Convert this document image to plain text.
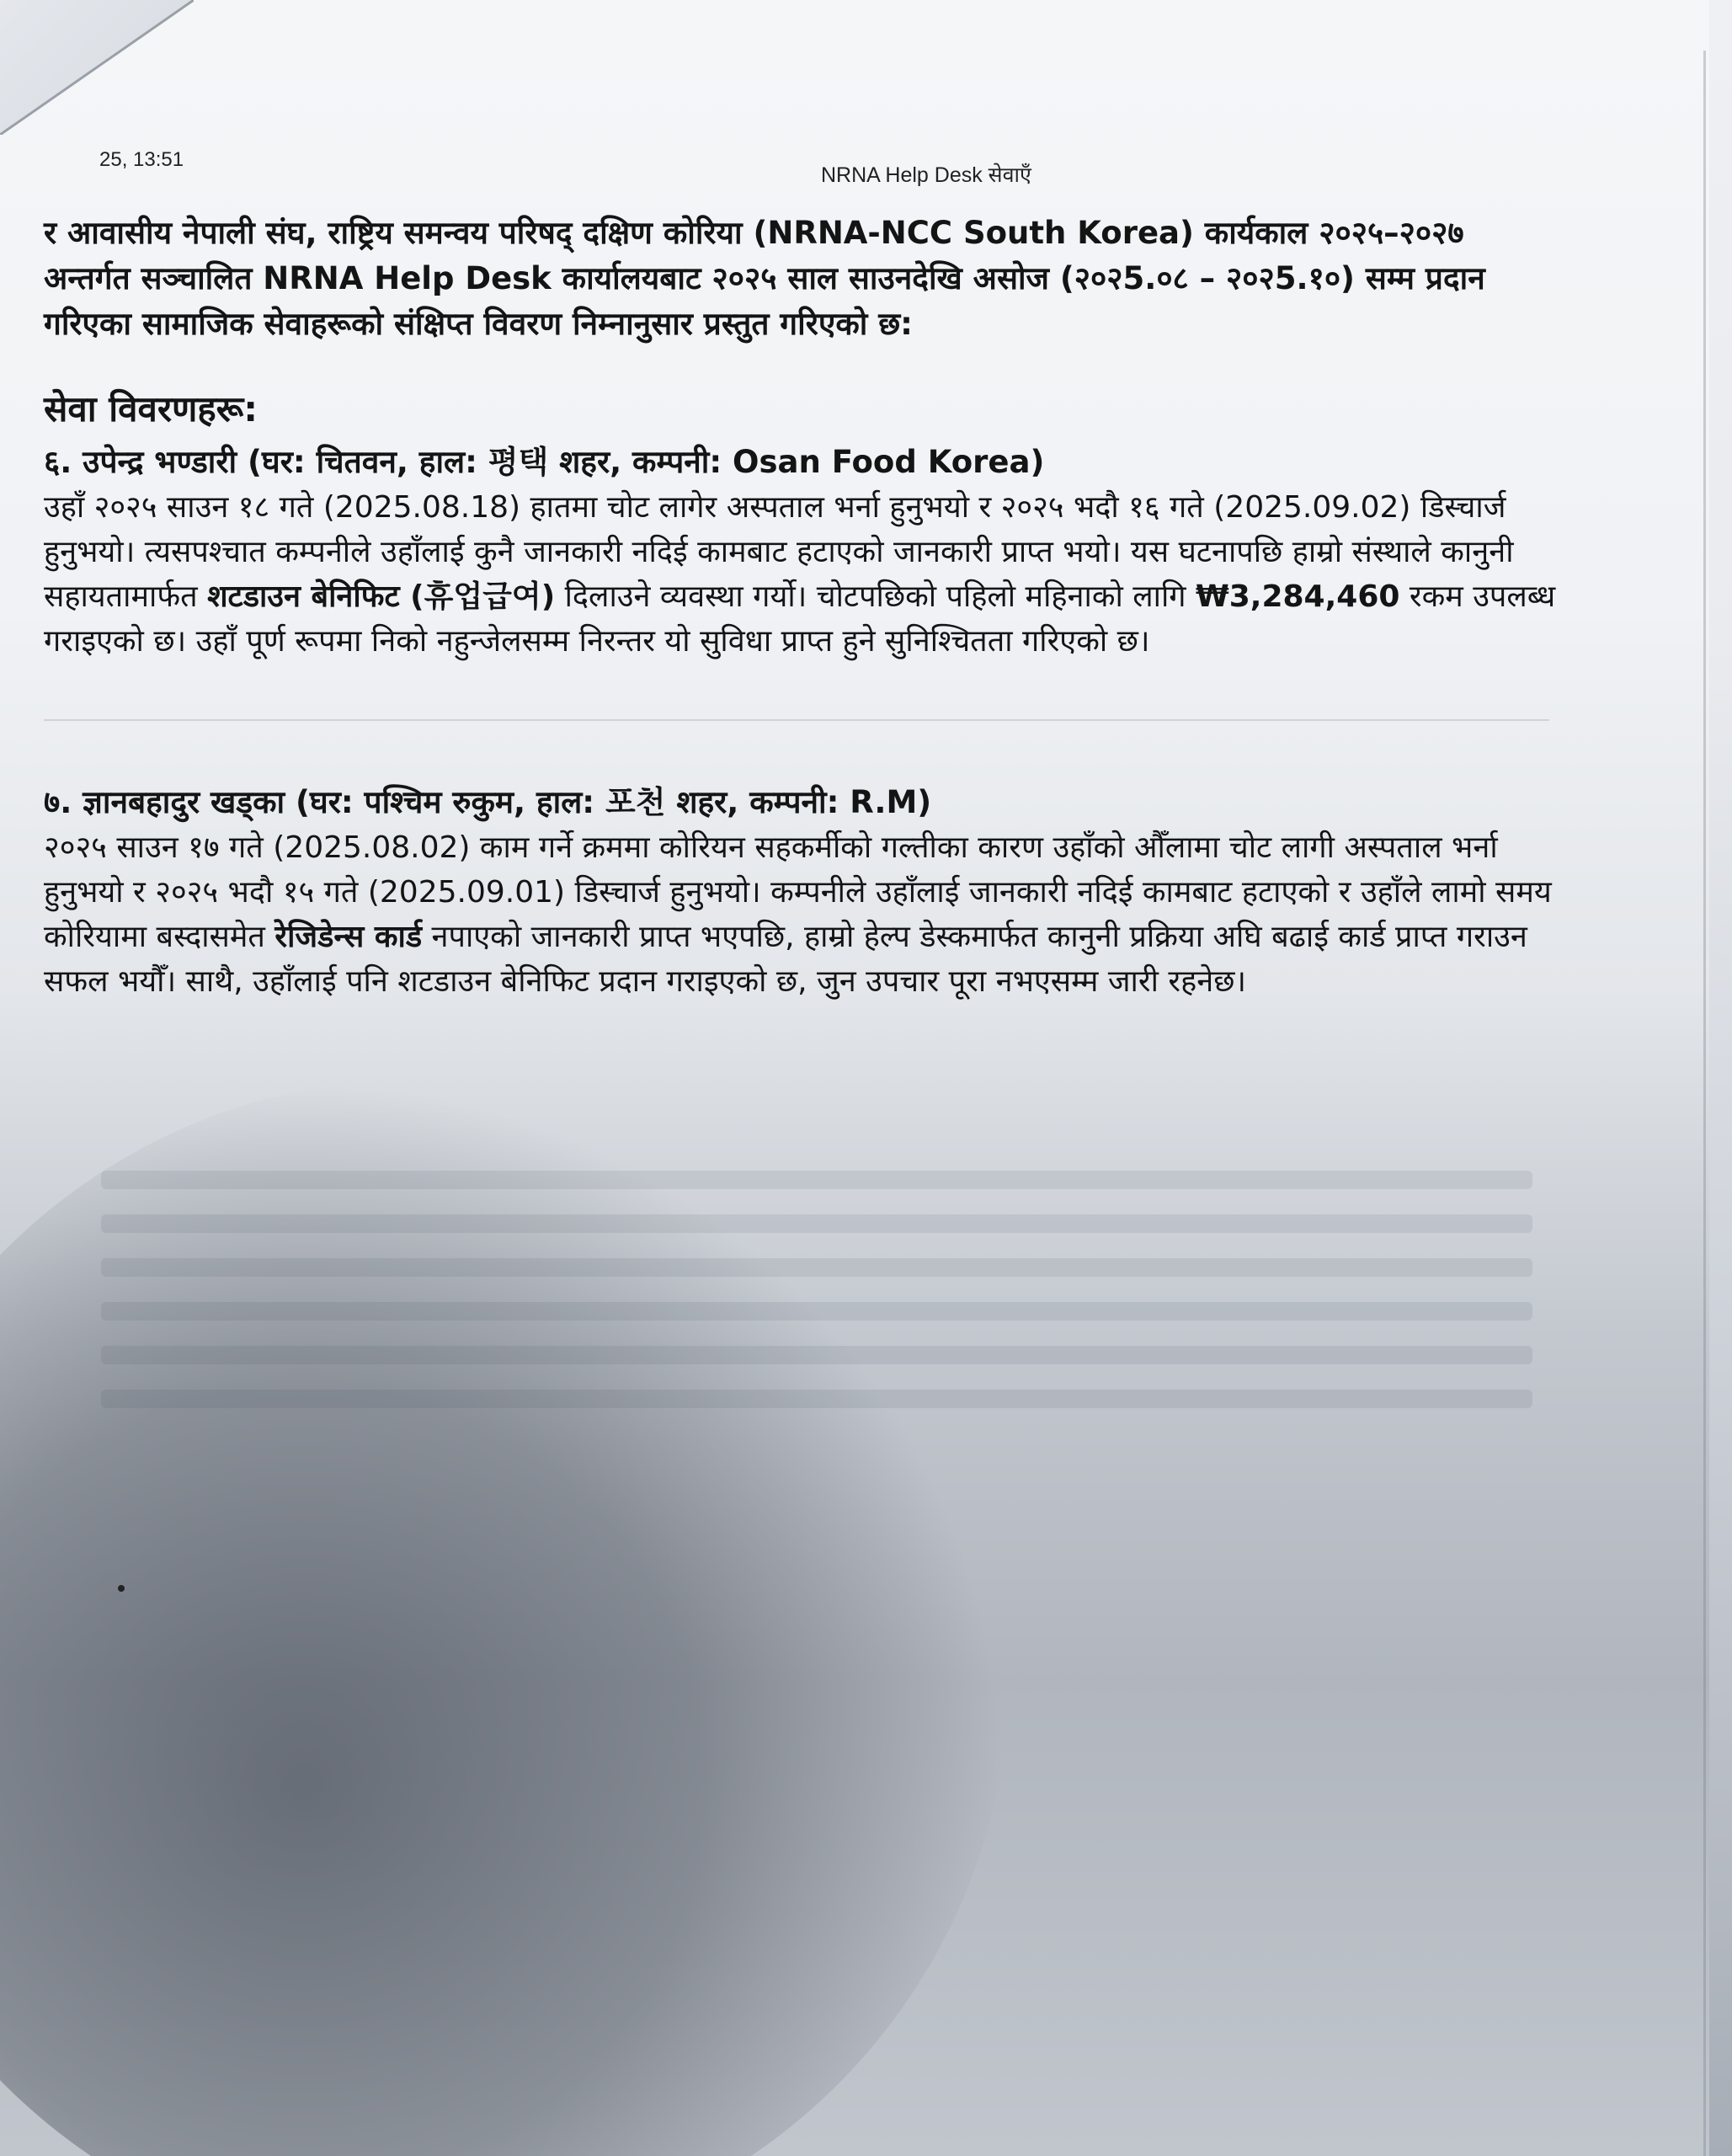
25, 13:51
NRNA Help Desk सेवाएँ

र आवासीय नेपाली संघ, राष्ट्रिय समन्वय परिषद् दक्षिण कोरिया (NRNA-NCC South Korea) कार्यकाल २०२५–२०२७ अन्तर्गत सञ्चालित NRNA Help Desk कार्यालयबाट २०२५ साल साउनदेखि असोज (२०२5.०८ – २०२5.१०) सम्म प्रदान गरिएका सामाजिक सेवाहरूको संक्षिप्त विवरण निम्नानुसार प्रस्तुत गरिएको छ:

सेवा विवरणहरू:

६. उपेन्द्र भण्डारी (घर: चितवन, हाल: 평택 शहर, कम्पनी: Osan Food Korea)

उहाँ २०२५ साउन १८ गते (2025.08.18) हातमा चोट लागेर अस्पताल भर्ना हुनुभयो र २०२५ भदौ १६ गते (2025.09.02) डिस्चार्ज हुनुभयो। त्यसपश्चात कम्पनीले उहाँलाई कुनै जानकारी नदिई कामबाट हटाएको जानकारी प्राप्त भयो। यस घटनापछि हाम्रो संस्थाले कानुनी सहायतामार्फत शटडाउन बेनिफिट (휴업급여) दिलाउने व्यवस्था गर्यो। चोटपछिको पहिलो महिनाको लागि ₩3,284,460 रकम उपलब्ध गराइएको छ। उहाँ पूर्ण रूपमा निको नहुन्जेलसम्म निरन्तर यो सुविधा प्राप्त हुने सुनिश्चितता गरिएको छ।

७. ज्ञानबहादुर खड्का (घर: पश्चिम रुकुम, हाल: 포천 शहर, कम्पनी: R.M)

२०२५ साउन १७ गते (2025.08.02) काम गर्ने क्रममा कोरियन सहकर्मीको गल्तीका कारण उहाँको औँलामा चोट लागी अस्पताल भर्ना हुनुभयो र २०२५ भदौ १५ गते (2025.09.01) डिस्चार्ज हुनुभयो। कम्पनीले उहाँलाई जानकारी नदिई कामबाट हटाएको र उहाँले लामो समय कोरियामा बस्दासमेत रेजिडेन्स कार्ड नपाएको जानकारी प्राप्त भएपछि, हाम्रो हेल्प डेस्कमार्फत कानुनी प्रक्रिया अघि बढाई कार्ड प्राप्त गराउन सफल भयौँ। साथै, उहाँलाई पनि शटडाउन बेनिफिट प्रदान गराइएको छ, जुन उपचार पूरा नभएसम्म जारी रहनेछ।
